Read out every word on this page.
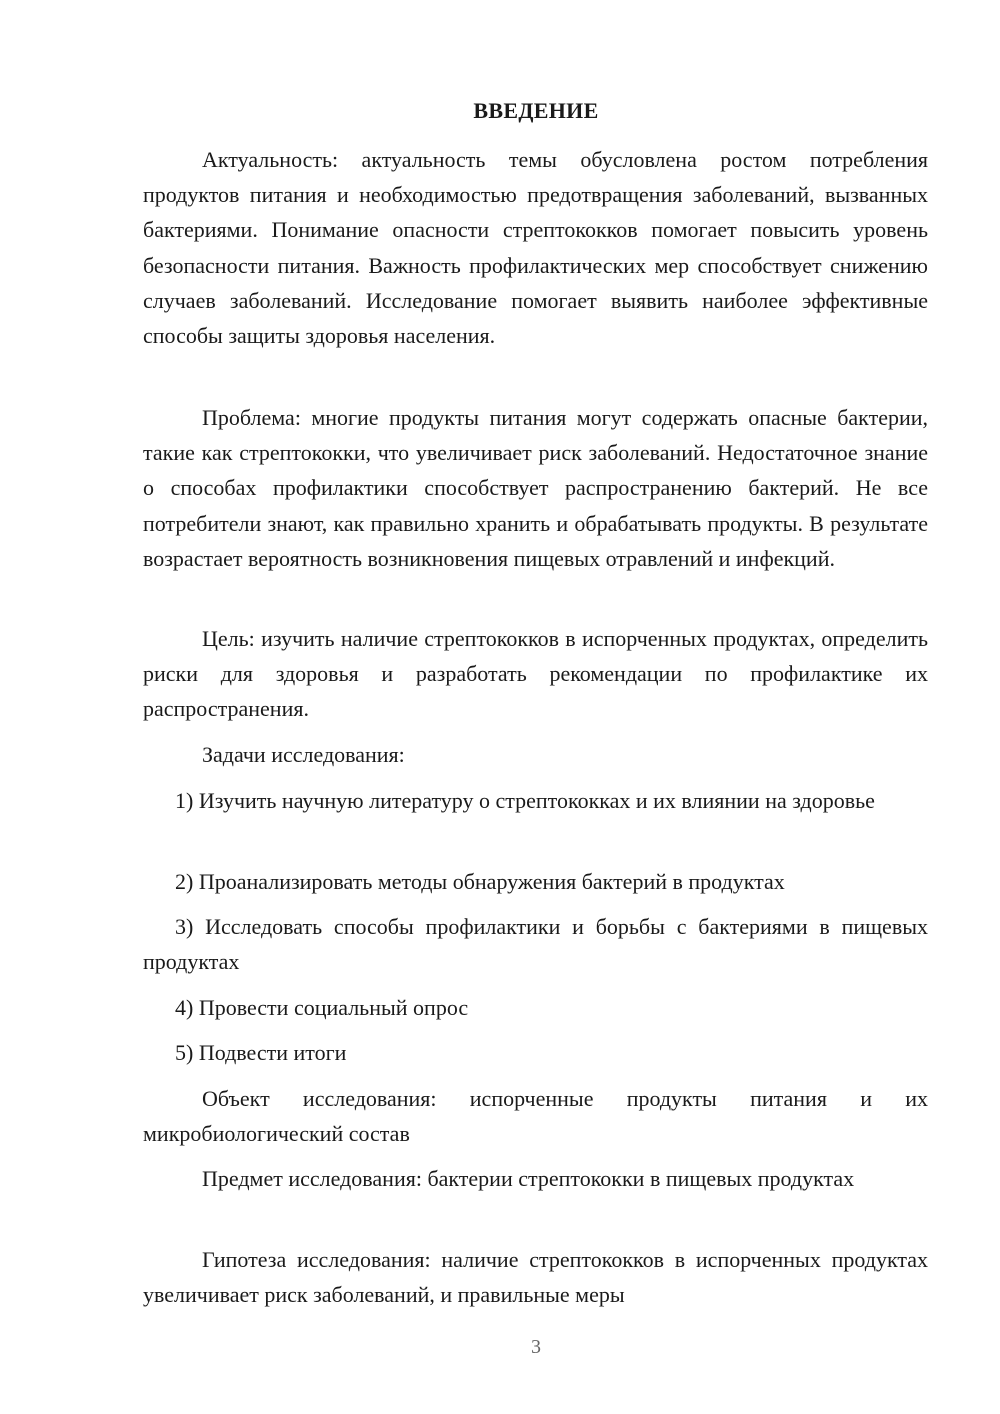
ВВЕДЕНИЕ

Актуальность: актуальность темы обусловлена ростом потребления продуктов питания и необходимостью предотвращения заболеваний, вызванных бактериями. Понимание опасности стрептококков помогает повысить уровень безопасности питания. Важность профилактических мер способствует снижению случаев заболеваний. Исследование помогает выявить наиболее эффективные способы защиты здоровья населения.

Проблема: многие продукты питания могут содержать опасные бактерии, такие как стрептококки, что увеличивает риск заболеваний. Недостаточное знание о способах профилактики способствует распространению бактерий. Не все потребители знают, как правильно хранить и обрабатывать продукты. В результате возрастает вероятность возникновения пищевых отравлений и инфекций.

Цель: изучить наличие стрептококков в испорченных продуктах, определить риски для здоровья и разработать рекомендации по профилактике их распространения.

Задачи исследования:

1) Изучить научную литературу о стрептококках и их влиянии на здоровье

2) Проанализировать методы обнаружения бактерий в продуктах

3) Исследовать способы профилактики и борьбы с бактериями в пищевых продуктах

4) Провести социальный опрос

5) Подвести итоги

Объект исследования: испорченные продукты питания и их микробиологический состав

Предмет исследования: бактерии стрептококки в пищевых продуктах

Гипотеза исследования: наличие стрептококков в испорченных продуктах увеличивает риск заболеваний, и правильные меры

3
